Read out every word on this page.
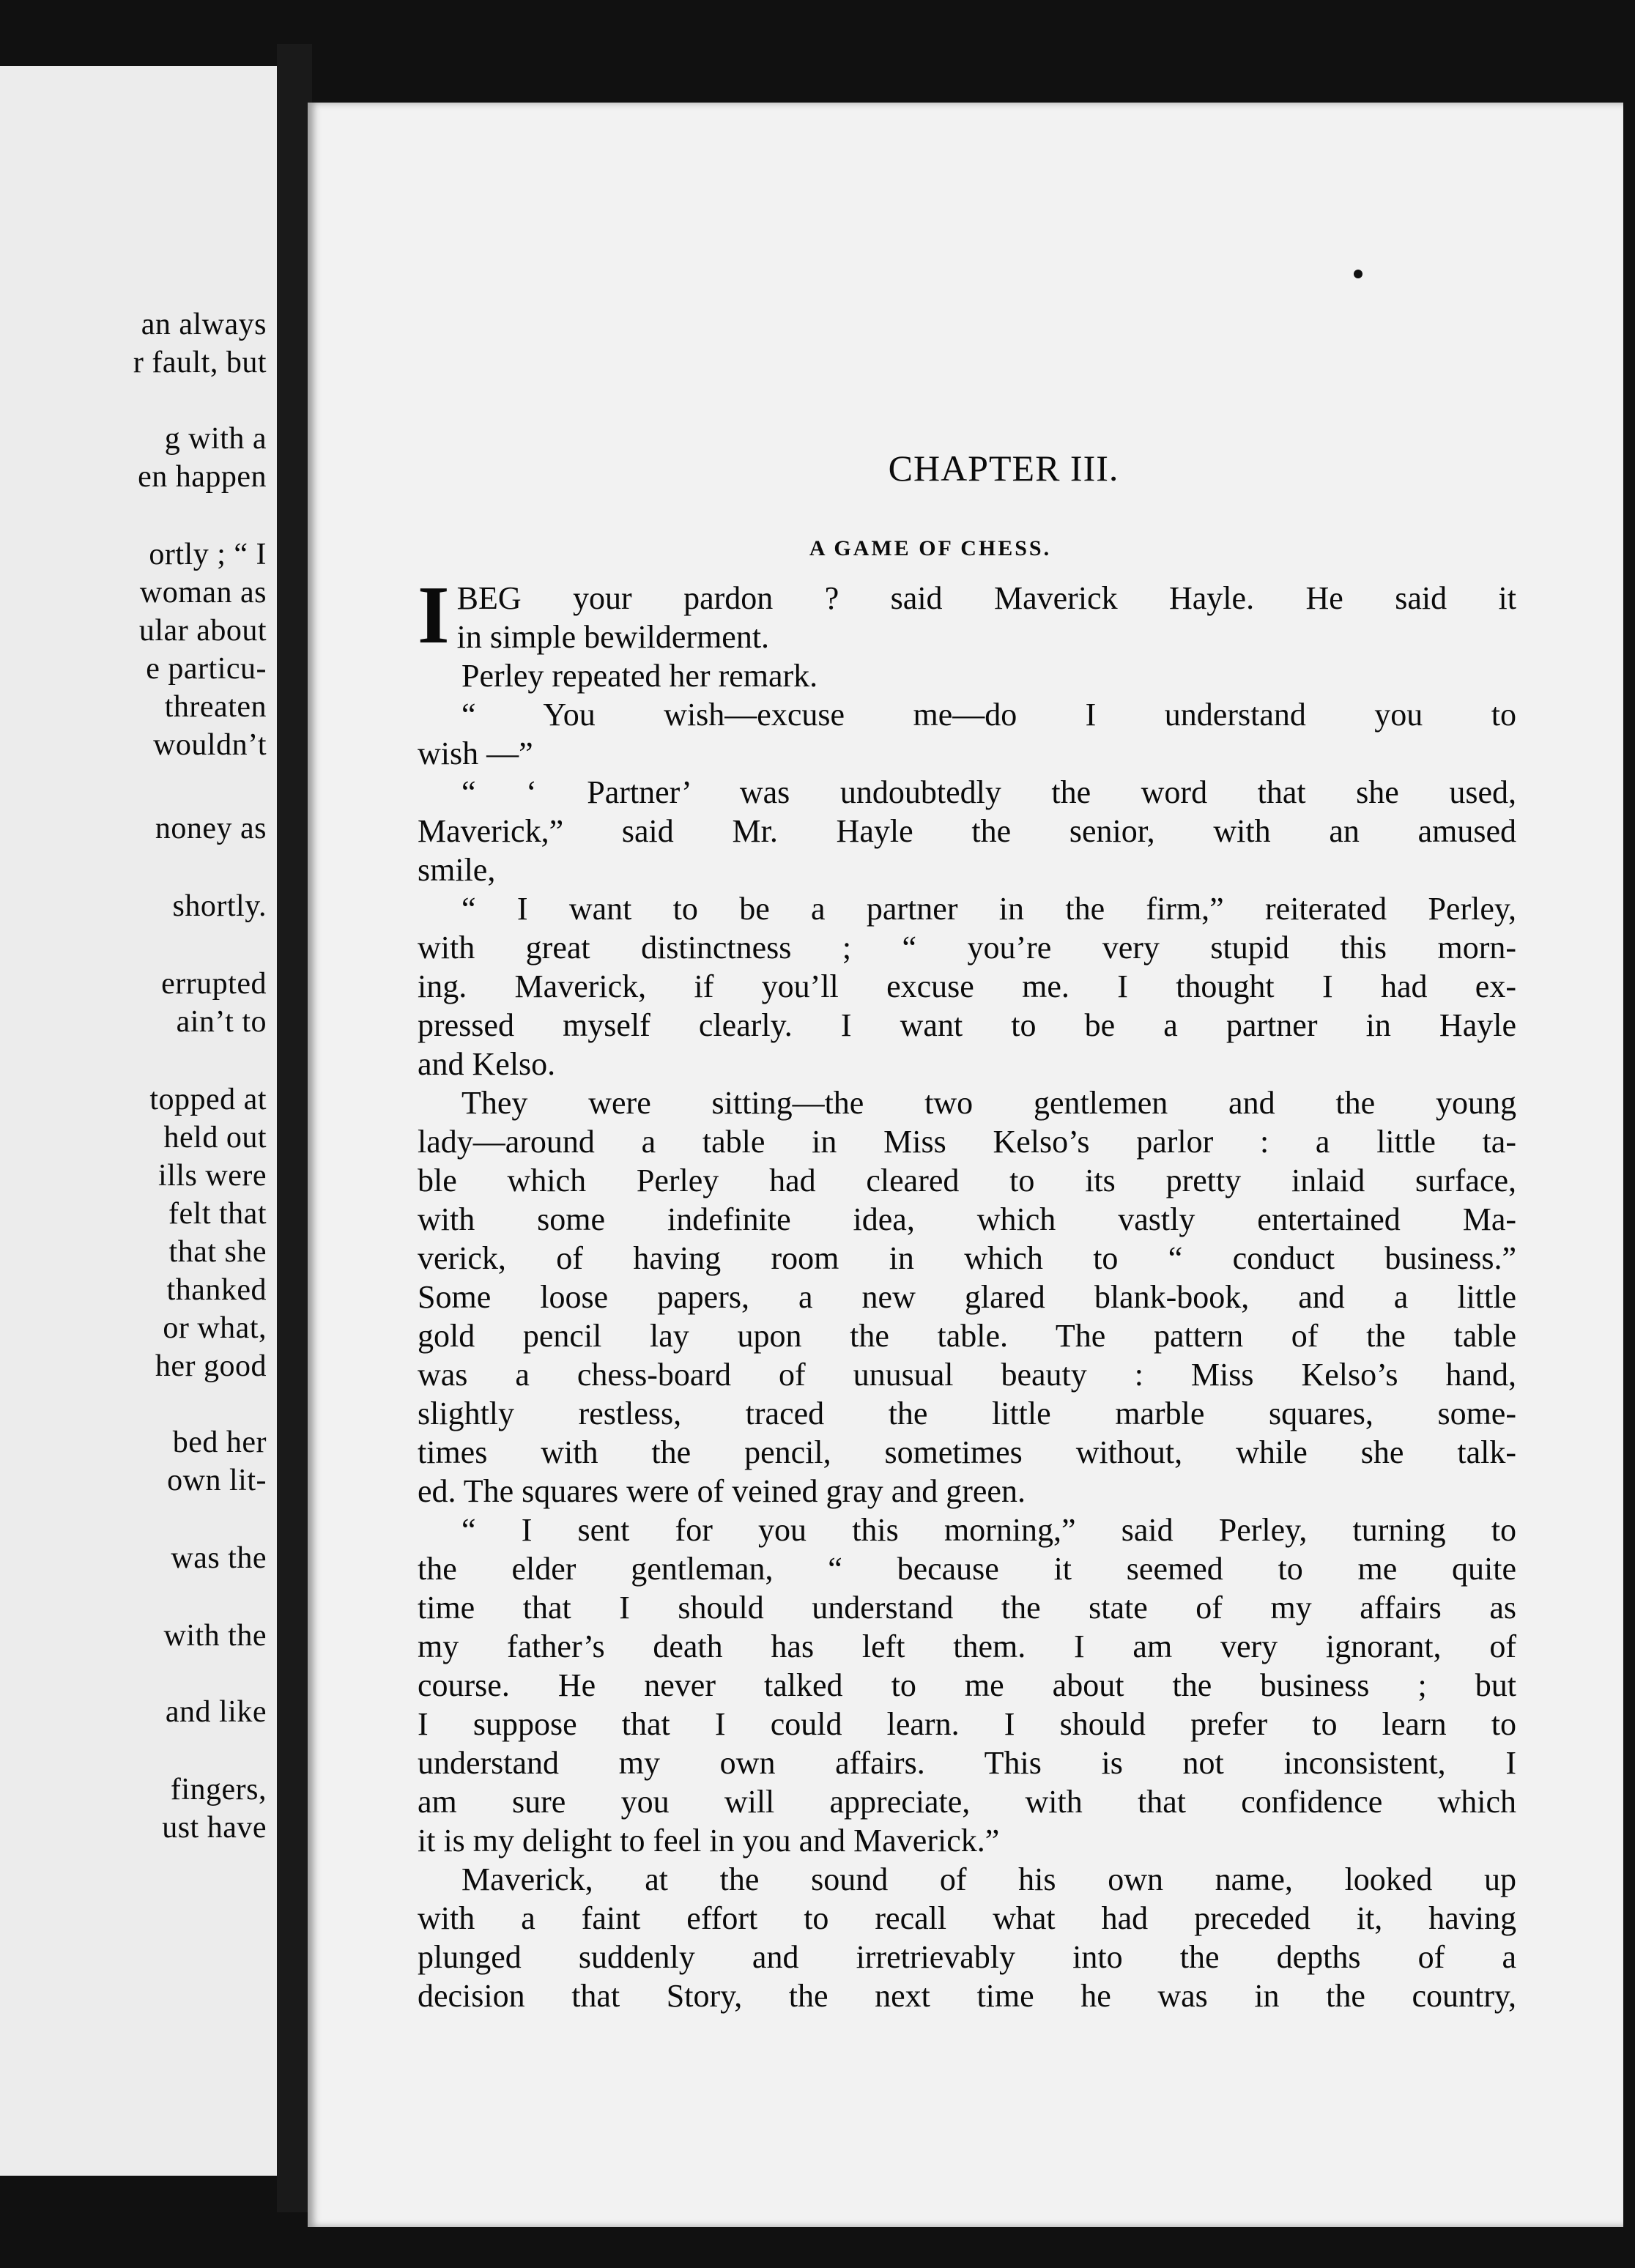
an always
r fault, but
g with a
en happen
ortly ; “ I
woman as
ular about
e particu-
threaten
wouldn’t
noney as
shortly.
errupted
ain’t to
topped at
held out
ills were
felt that
that she
thanked
or what,
her good
bed her
own lit-
was the
with the
and like
fingers,
ust have
CHAPTER III.
A GAME OF CHESS.
I BEG your pardon ? said Maverick Hayle. He said it
in simple bewilderment.
Perley repeated her remark.
“ You wish—excuse me—do I understand you to
wish —”
“ ‘ Partner’ was undoubtedly the word that she used,
Maverick,” said Mr. Hayle the senior, with an amused
smile,
“ I want to be a partner in the firm,” reiterated Perley,
with great distinctness ; “ you’re very stupid this morn-
ing. Maverick, if you’ll excuse me. I thought I had ex-
pressed myself clearly. I want to be a partner in Hayle
and Kelso.
They were sitting—the two gentlemen and the young
lady—around a table in Miss Kelso’s parlor : a little ta-
ble which Perley had cleared to its pretty inlaid surface,
with some indefinite idea, which vastly entertained Ma-
verick, of having room in which to “ conduct business.”
Some loose papers, a new glared blank-book, and a little
gold pencil lay upon the table. The pattern of the table
was a chess-board of unusual beauty : Miss Kelso’s hand,
slightly restless, traced the little marble squares, some-
times with the pencil, sometimes without, while she talk-
ed. The squares were of veined gray and green.
“ I sent for you this morning,” said Perley, turning to
the elder gentleman, “ because it seemed to me quite
time that I should understand the state of my affairs as
my father’s death has left them. I am very ignorant, of
course. He never talked to me about the business ; but
I suppose that I could learn. I should prefer to learn to
understand my own affairs. This is not inconsistent, I
am sure you will appreciate, with that confidence which
it is my delight to feel in you and Maverick.”
Maverick, at the sound of his own name, looked up
with a faint effort to recall what had preceded it, having
plunged suddenly and irretrievably into the depths of a
decision that Story, the next time he was in the country,
